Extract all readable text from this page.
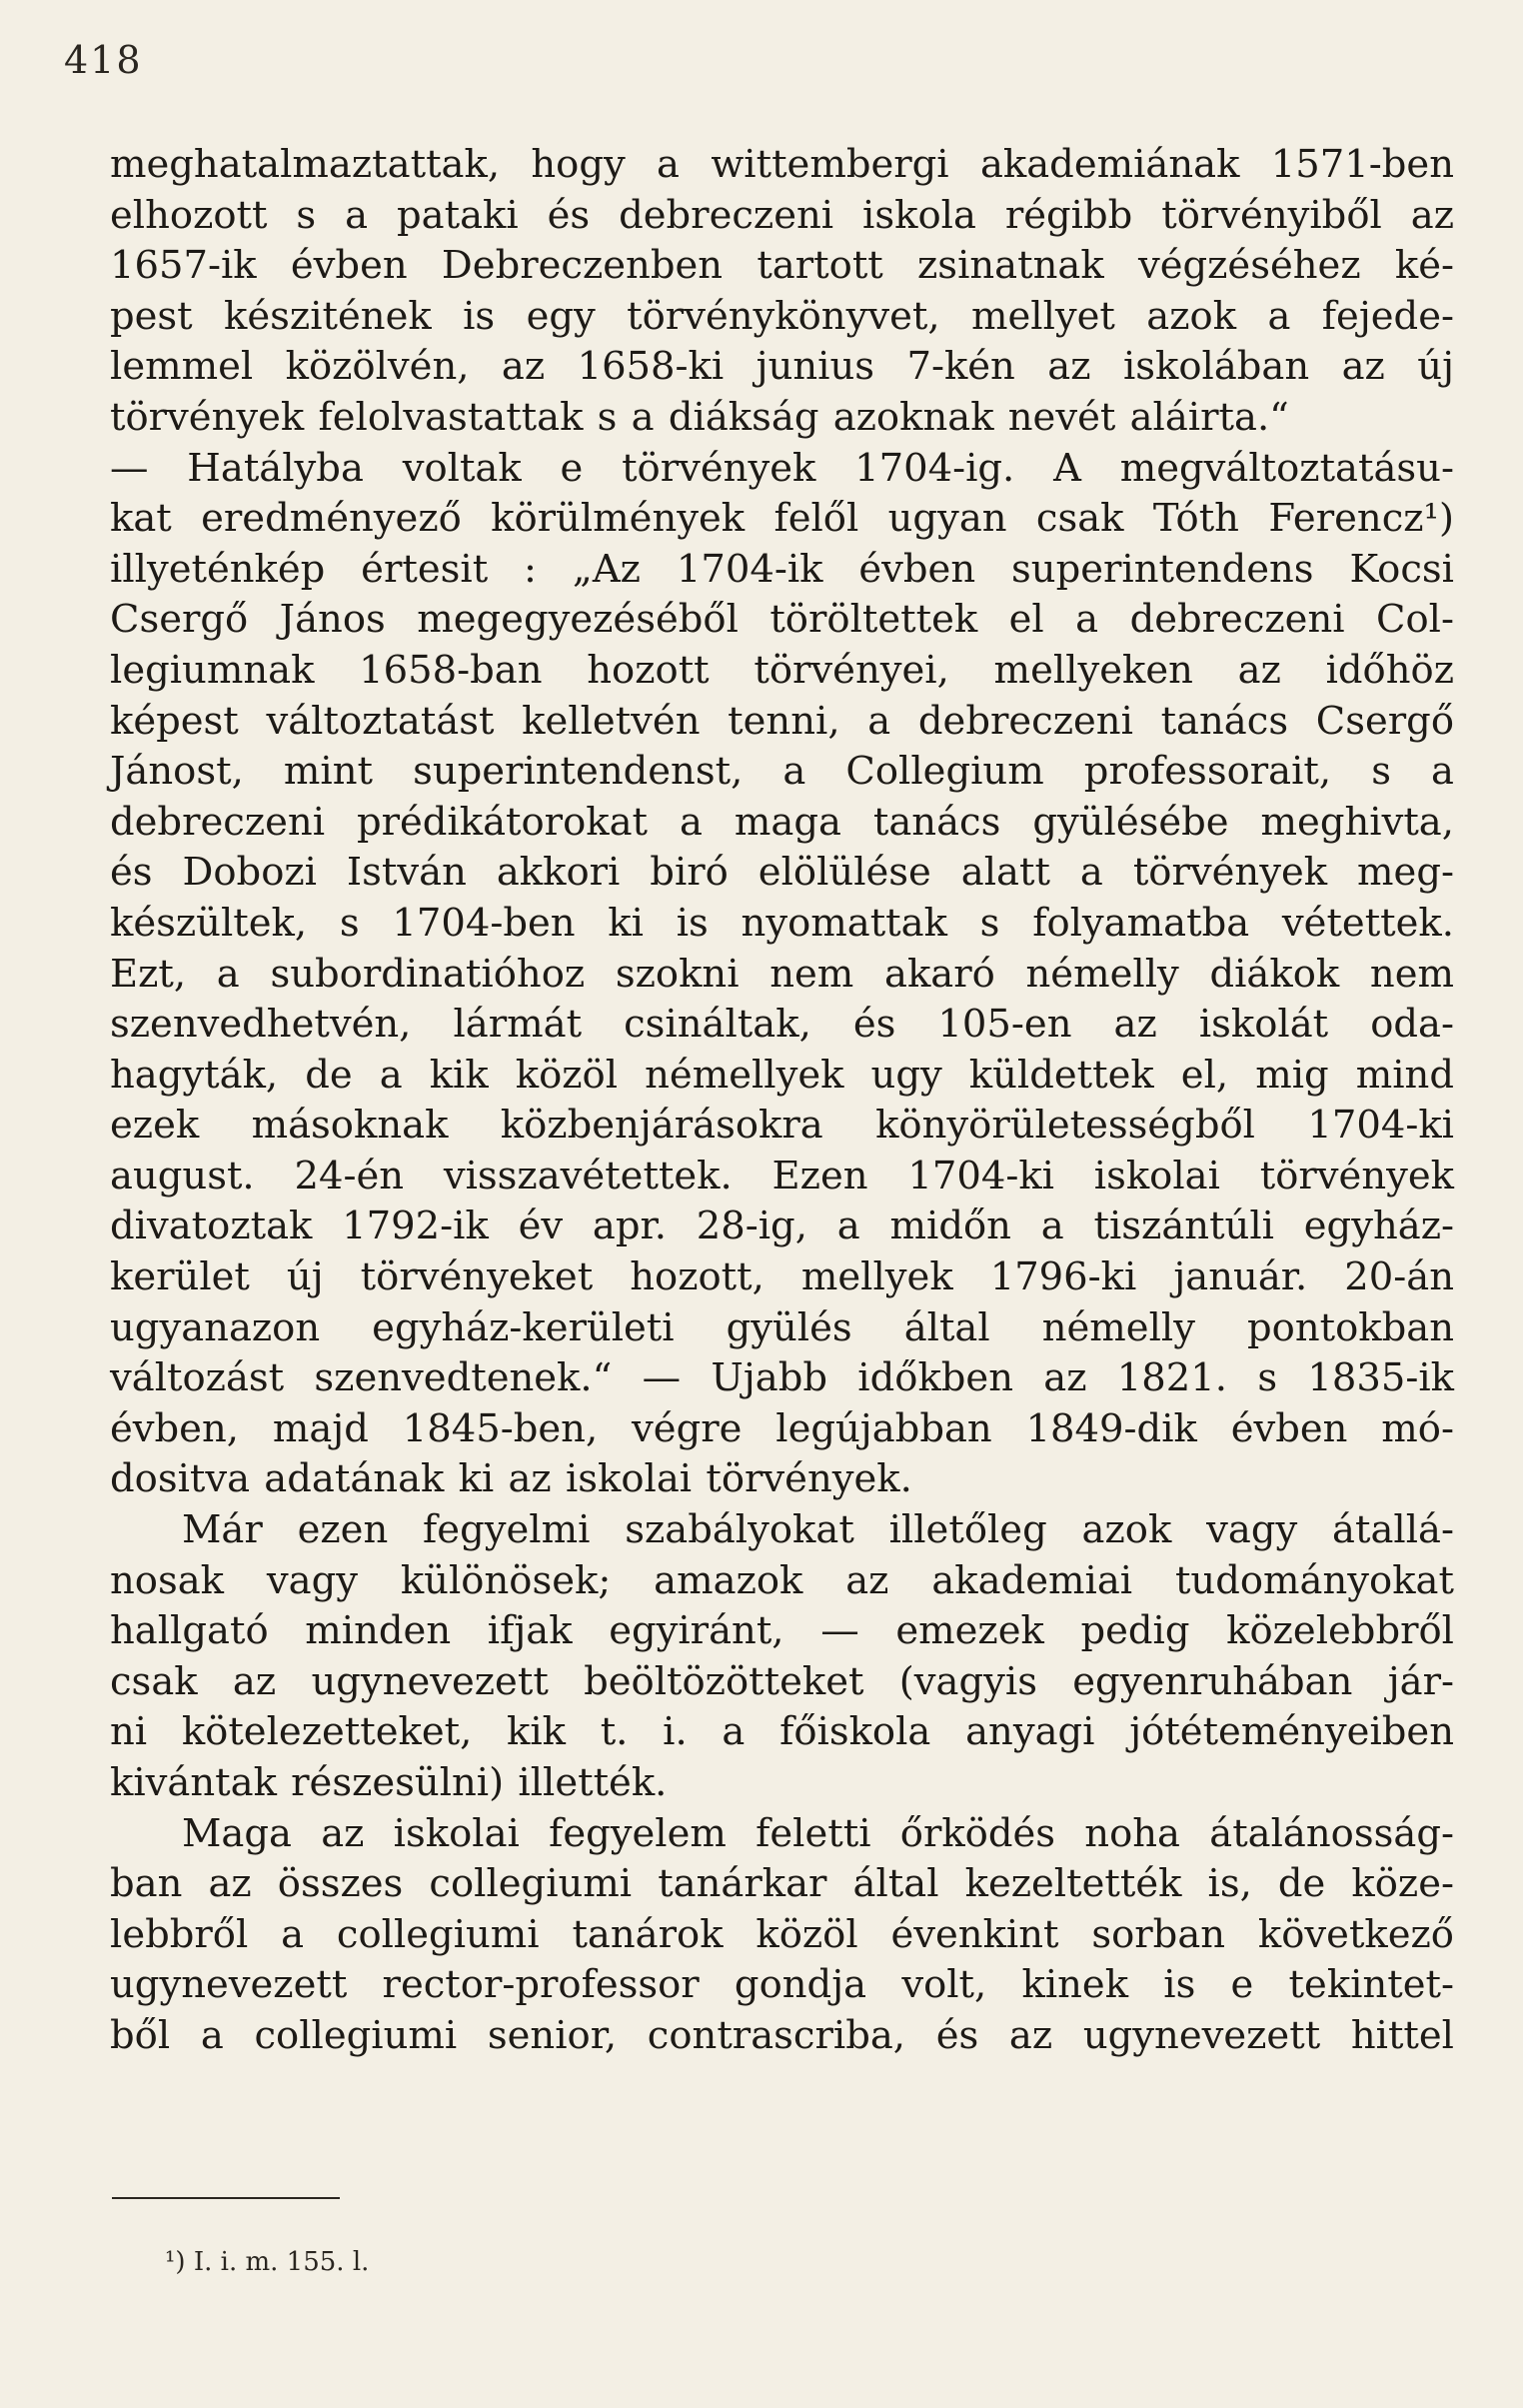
418
meghatalmaztattak, hogy a wittembergi akademiának 1571-ben
elhozott s a pataki és debreczeni iskola régibb törvényiből az
1657-ik évben Debreczenben tartott zsinatnak végzéséhez ké-
pest készitének is egy törvénykönyvet, mellyet azok a fejede-
lemmel közölvén, az 1658-ki junius 7-kén az iskolában az új
törvények felolvastattak s a diákság azoknak nevét aláirta.“
— Hatályba voltak e törvények 1704-ig. A megváltoztatásu-
kat eredményező körülmények felől ugyan csak Tóth Ferencz¹)
illyeténkép értesit : „Az 1704-ik évben superintendens Kocsi
Csergő János megegyezéséből töröltettek el a debreczeni Col-
legiumnak 1658-ban hozott törvényei, mellyeken az időhöz
képest változtatást kelletvén tenni, a debreczeni tanács Csergő
Jánost, mint superintendenst, a Collegium professorait, s a
debreczeni prédikátorokat a maga tanács gyülésébe meghivta,
és Dobozi István akkori biró elölülése alatt a törvények meg-
készültek, s 1704-ben ki is nyomattak s folyamatba vétettek.
Ezt, a subordinatióhoz szokni nem akaró némelly diákok nem
szenvedhetvén, lármát csináltak, és 105-en az iskolát oda-
hagyták, de a kik közöl némellyek ugy küldettek el, mig mind
ezek másoknak közbenjárásokra könyörületességből 1704-ki
august. 24-én visszavétettek. Ezen 1704-ki iskolai törvények
divatoztak 1792-ik év apr. 28-ig, a midőn a tiszántúli egyház-
kerület új törvényeket hozott, mellyek 1796-ki január. 20-án
ugyanazon egyház-kerületi gyülés által némelly pontokban
változást szenvedtenek.“ — Ujabb időkben az 1821. s 1835-ik
évben, majd 1845-ben, végre legújabban 1849-dik évben mó-
dositva adatának ki az iskolai törvények.
Már ezen fegyelmi szabályokat illetőleg azok vagy átallá-
nosak vagy különösek; amazok az akademiai tudományokat
hallgató minden ifjak egyiránt, — emezek pedig közelebbről
csak az ugynevezett beöltözötteket (vagyis egyenruhában jár-
ni kötelezetteket, kik t. i. a főiskola anyagi jótéteményeiben
kivántak részesülni) illették.
Maga az iskolai fegyelem feletti őrködés noha átalánosság-
ban az összes collegiumi tanárkar által kezeltették is, de köze-
lebbről a collegiumi tanárok közöl évenkint sorban következő
ugynevezett rector-professor gondja volt, kinek is e tekintet-
ből a collegiumi senior, contrascriba, és az ugynevezett hittel
¹) I. i. m. 155. l.
